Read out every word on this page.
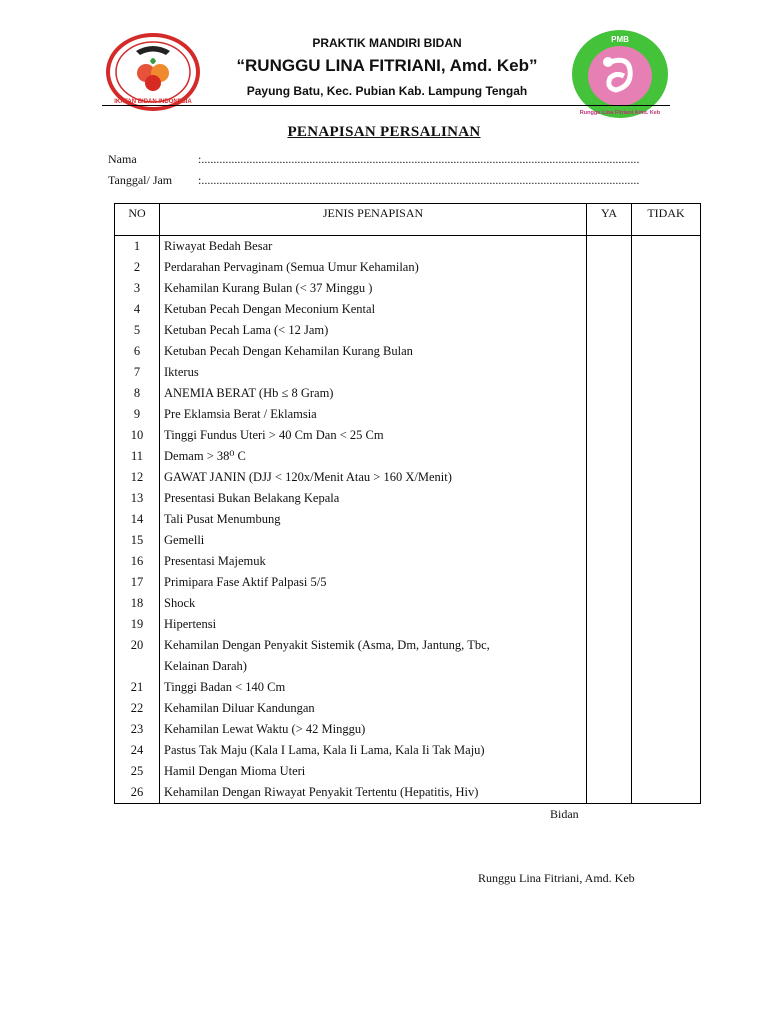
IKATAN BIDAN INDONESIA
PMB
Runggu Lina Fitriani Amd. Keb
PRAKTIK MANDIRI BIDAN
“RUNGGU LINA FITRIANI, Amd. Keb”
Payung Batu, Kec. Pubian Kab. Lampung Tengah
PENAPISAN PERSALINAN
Nama	:..................................................................................................................................................
Tanggal/ Jam :..................................................................................................................................................
NO	JENIS PENAPISAN	YA	TIDAK
1	Riwayat Bedah Besar		
2	Perdarahan Pervaginam (Semua Umur Kehamilan)		
3	Kehamilan Kurang Bulan (< 37 Minggu )		
4	Ketuban Pecah Dengan Meconium Kental		
5	Ketuban Pecah Lama (< 12 Jam)		
6	Ketuban Pecah Dengan Kehamilan Kurang Bulan		
7	Ikterus		
8	ANEMIA BERAT (Hb ≤ 8 Gram)		
9	Pre Eklamsia Berat / Eklamsia		
10	Tinggi Fundus Uteri > 40 Cm Dan < 25 Cm		
11	Demam > 38⁰ C		
12	GAWAT JANIN (DJJ < 120x/Menit Atau > 160 X/Menit)		
13	Presentasi Bukan Belakang Kepala		
14	Tali Pusat Menumbung		
15	Gemelli		
16	Presentasi Majemuk		
17	Primipara Fase Aktif Palpasi 5/5		
18	Shock		
19	Hipertensi		
20	Kehamilan Dengan Penyakit Sistemik (Asma, Dm, Jantung, Tbc,		
	Kelainan Darah)		
21	Tinggi Badan < 140 Cm		
22	Kehamilan Diluar Kandungan		
23	Kehamilan Lewat Waktu (> 42 Minggu)		
24	Pastus Tak Maju (Kala I Lama, Kala Ii Lama, Kala Ii Tak Maju)		
25	Hamil Dengan Mioma Uteri		
26	Kehamilan Dengan Riwayat Penyakit Tertentu (Hepatitis, Hiv)		
Bidan
Runggu Lina Fitriani, Amd. Keb
